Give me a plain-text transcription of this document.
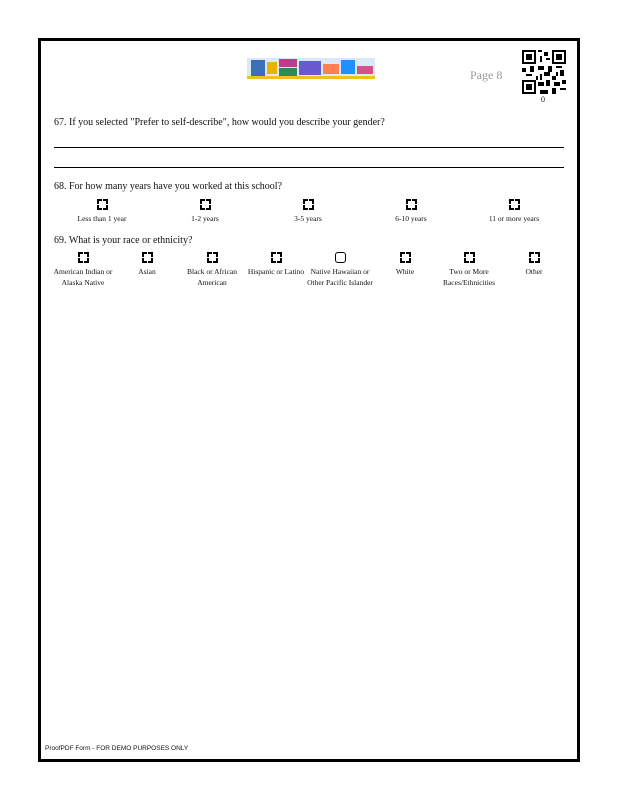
Page 8
0
67. If you selected "Prefer to self-describe", how would you describe your gender?
68. For how many years have you worked at this school?
Less than 1 year	1-2 years	3-5 years	6-10 years	11 or more years
69. What is your race or ethnicity?
American Indian or Alaska Native
Asian	Black or African American
Hispanic or Latino Native Hawaiian or Other Pacific Islander
White	Two or More Races/Ethnicities
Other
ProofPDF Form - FOR DEMO PURPOSES ONLY
